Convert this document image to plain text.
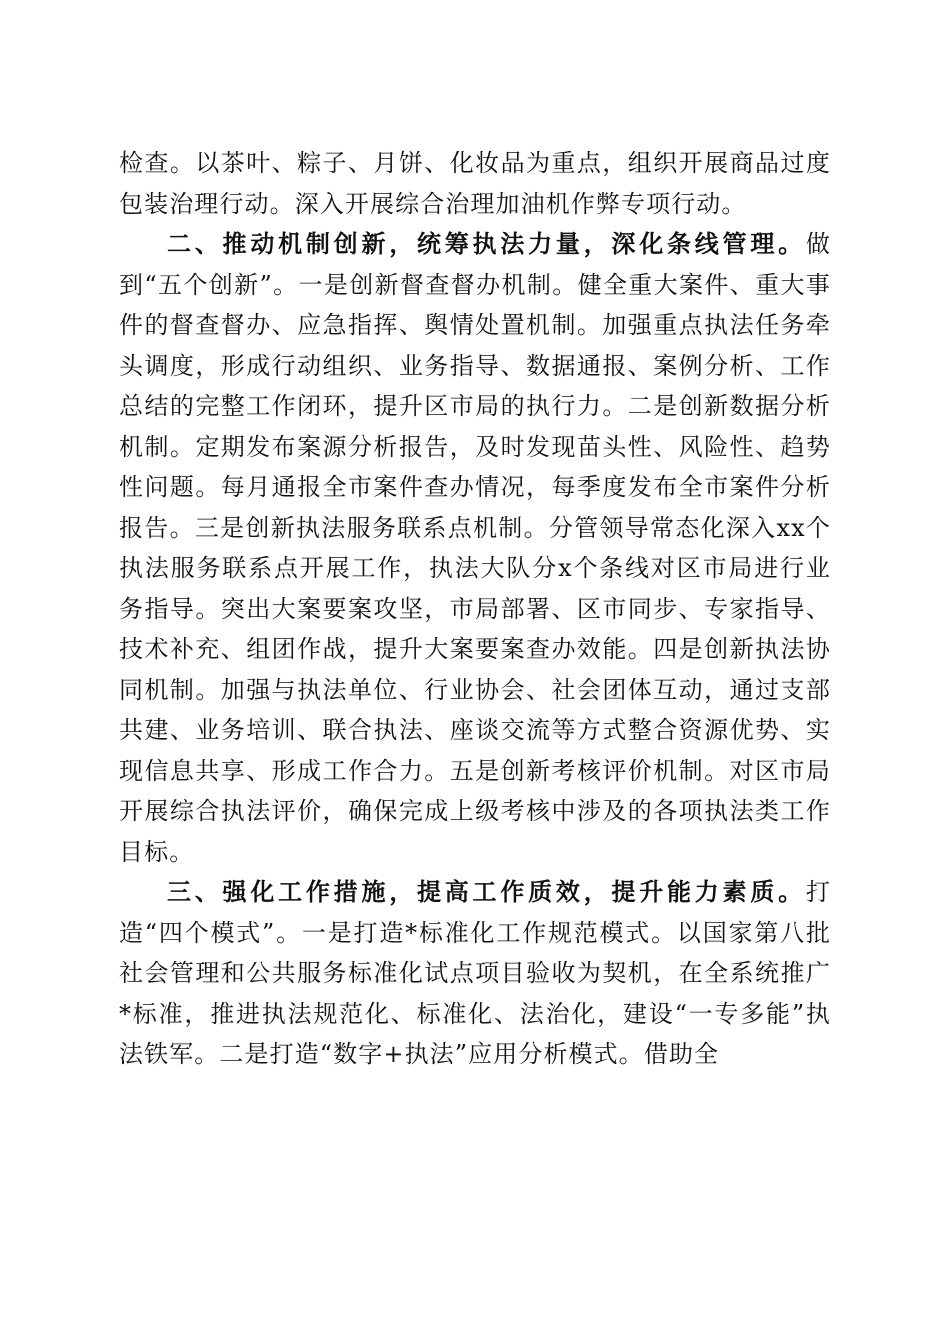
检查。以茶叶、粽子、月饼、化妆品为重点，组织开展商品过度包装治理行动。深入开展综合治理加油机作弊专项行动。

二、推动机制创新，统筹执法力量，深化条线管理。做到“五个创新”。一是创新督查督办机制。健全重大案件、重大事件的督查督办、应急指挥、舆情处置机制。加强重点执法任务牵头调度，形成行动组织、业务指导、数据通报、案例分析、工作总结的完整工作闭环，提升区市局的执行力。二是创新数据分析机制。定期发布案源分析报告，及时发现苗头性、风险性、趋势性问题。每月通报全市案件查办情况，每季度发布全市案件分析报告。三是创新执法服务联系点机制。分管领导常态化深入xx个执法服务联系点开展工作，执法大队分x个条线对区市局进行业务指导。突出大案要案攻坚，市局部署、区市同步、专家指导、技术补充、组团作战，提升大案要案查办效能。四是创新执法协同机制。加强与执法单位、行业协会、社会团体互动，通过支部共建、业务培训、联合执法、座谈交流等方式整合资源优势、实现信息共享、形成工作合力。五是创新考核评价机制。对区市局开展综合执法评价，确保完成上级考核中涉及的各项执法类工作目标。

三、强化工作措施，提高工作质效，提升能力素质。打造“四个模式”。一是打造*标准化工作规范模式。以国家第八批社会管理和公共服务标准化试点项目验收为契机，在全系统推广*标准，推进执法规范化、标准化、法治化，建设“一专多能”执法铁军。二是打造“数字+执法”应用分析模式。借助全
